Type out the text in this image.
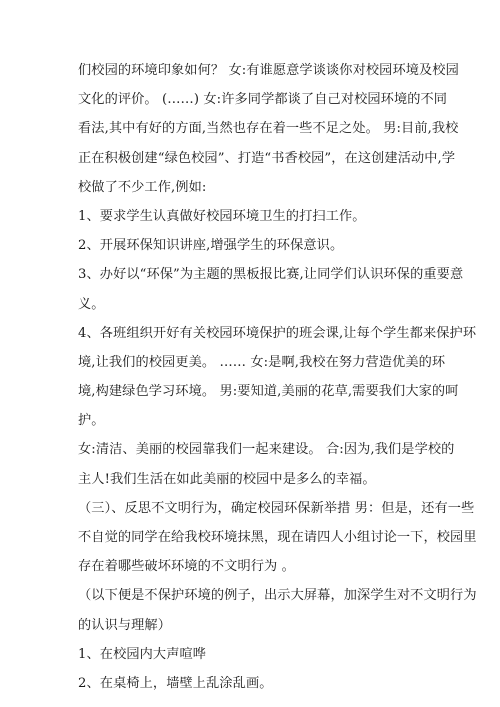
们校园的环境印象如何？ 女:有谁愿意学谈谈你对校园环境及校园
文化的评价。 (……) 女:许多同学都谈了自己对校园环境的不同
看法,其中有好的方面,当然也存在着一些不足之处。 男:目前,我校
正在积极创建“绿色校园”、打造“书香校园”，在这创建活动中,学
校做了不少工作,例如:
1、要求学生认真做好校园环境卫生的打扫工作。
2、开展环保知识讲座,增强学生的环保意识。
3、办好以“环保”为主题的黑板报比赛,让同学们认识环保的重要意
义。
4、各班组织开好有关校园环境保护的班会课,让每个学生都来保护环
境,让我们的校园更美。 …… 女:是啊,我校在努力营造优美的环
境,构建绿色学习环境。 男:要知道,美丽的花草,需要我们大家的呵
护。
女:清洁、美丽的校园靠我们一起来建设。 合:因为,我们是学校的
主人!我们生活在如此美丽的校园中是多么的幸福。
（三）、反思不文明行为，确定校园环保新举措 男：但是，还有一些
不自觉的同学在给我校环境抹黑，现在请四人小组讨论一下，校园里
存在着哪些破坏环境的不文明行为 。
（以下便是不保护环境的例子，出示大屏幕，加深学生对不文明行为
的认识与理解）
1、在校园内大声喧哗
2、在桌椅上，墙壁上乱涂乱画。
